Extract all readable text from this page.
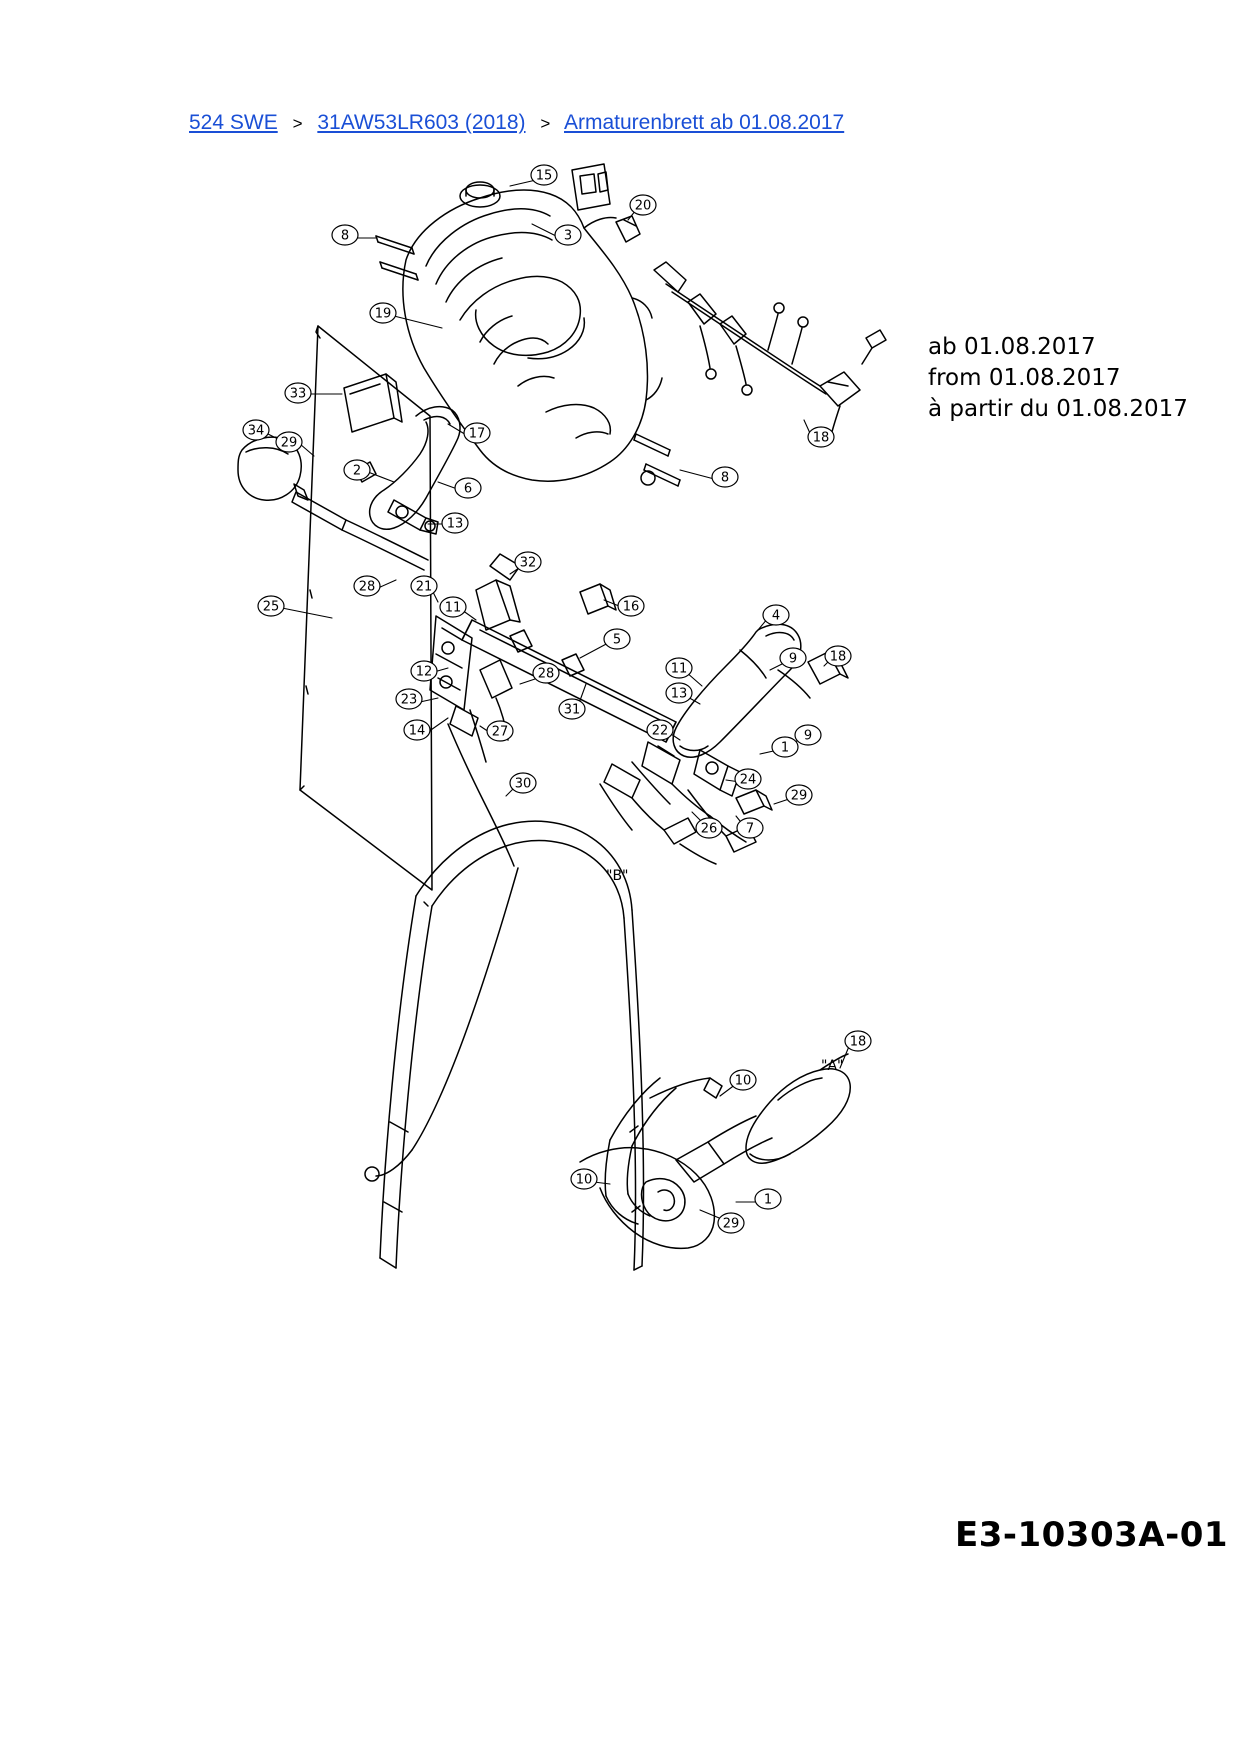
524 SWE > 31AW53LR603 (2018) > Armaturenbrett ab 01.08.2017
15
8	3
20
19
33
34
29
17
2
6
13
18
8
32
28	21
11	16
4
25
5
9	18
12	11
13
23
28
31
27
14	22
1
9
24
29
26 7
30
18
10
10
1
29
ab 01.08.2017
from 01.08.2017
à partir du 01.08.2017
"A"
"B"
E3-10303A-01
